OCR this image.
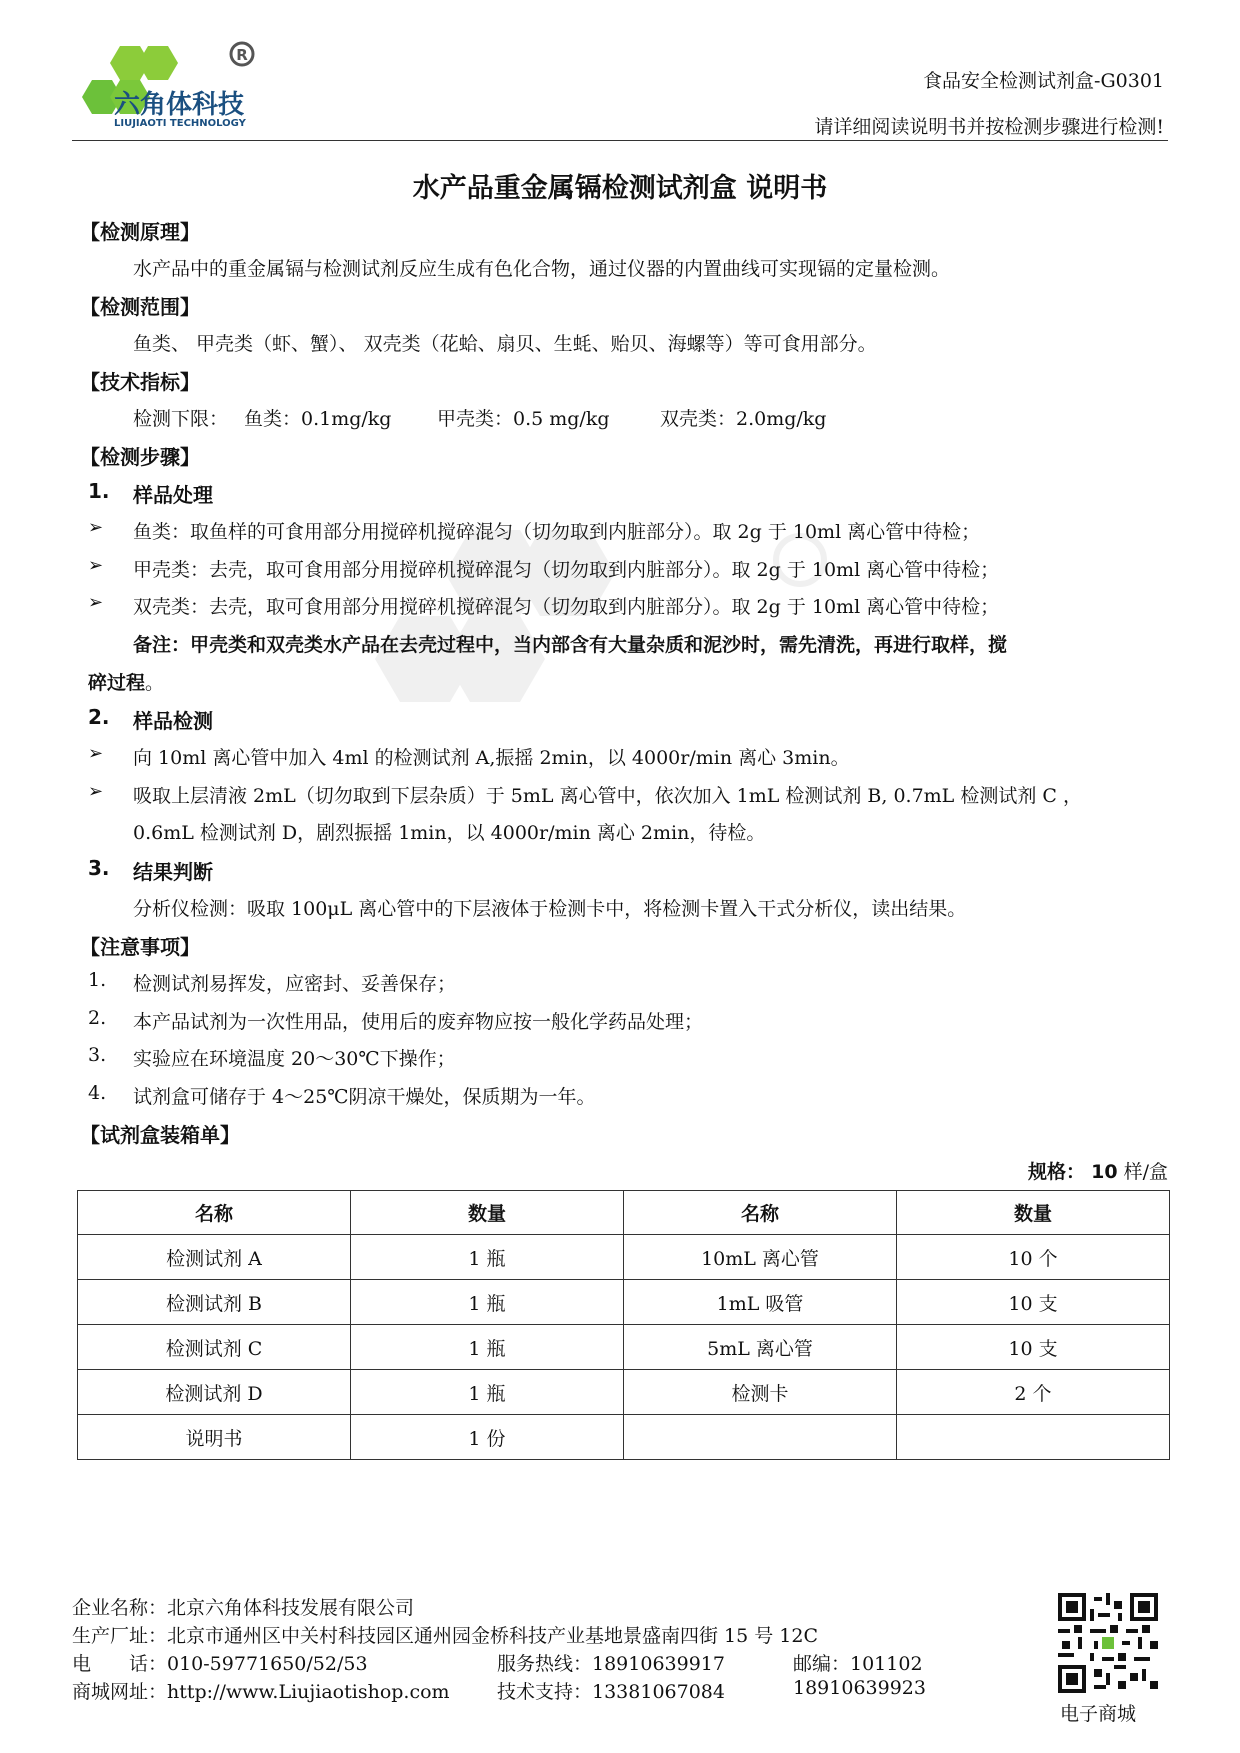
R
六角体科技
LIUJIAOTI TECHNOLOGY
食品安全检测试剂盒-G0301
请详细阅读说明书并按检测步骤进行检测!
水产品重金属镉检测试剂盒 说明书
【检测原理】
水产品中的重金属镉与检测试剂反应生成有色化合物，通过仪器的内置曲线可实现镉的定量检测。
【检测范围】
鱼类、 甲壳类（虾、蟹）、 双壳类（花蛤、扇贝、生蚝、贻贝、海螺等）等可食用部分。
【技术指标】
检测下限： 鱼类：0.1mg/kg 甲壳类：0.5 mg/kg	双壳类：2.0mg/kg
【检测步骤】
1. 样品处理
➢ 鱼类：取鱼样的可食用部分用搅碎机搅碎混匀（切勿取到内脏部分）。取 2g 于 10ml 离心管中待检；
➢ 甲壳类：去壳，取可食用部分用搅碎机搅碎混匀（切勿取到内脏部分）。取 2g 于 10ml 离心管中待检；
➢ 双壳类：去壳，取可食用部分用搅碎机搅碎混匀（切勿取到内脏部分）。取 2g 于 10ml 离心管中待检；
备注：甲壳类和双壳类水产品在去壳过程中，当内部含有大量杂质和泥沙时，需先清洗，再进行取样，搅
碎过程。
2. 样品检测
➢ 向 10ml 离心管中加入 4ml 的检测试剂 A,振摇 2min，以 4000r/min 离心 3min。
➢ 吸取上层清液 2mL（切勿取到下层杂质）于 5mL 离心管中，依次加入 1mL 检测试剂 B, 0.7mL 检测试剂 C ，
0.6mL 检测试剂 D，剧烈振摇 1min，以 4000r/min 离心 2min，待检。
3. 结果判断
分析仪检测：吸取 100μL 离心管中的下层液体于检测卡中，将检测卡置入干式分析仪，读出结果。
【注意事项】
1. 检测试剂易挥发，应密封、妥善保存；
2. 本产品试剂为一次性用品，使用后的废弃物应按一般化学药品处理；
3. 实验应在环境温度 20～30℃下操作；
4. 试剂盒可储存于 4～25℃阴凉干燥处，保质期为一年。
【试剂盒装箱单】
规格： 10 样/盒
名称	数量	名称	数量
检测试剂 A	1 瓶	10mL 离心管	10 个
检测试剂 B	1 瓶	1mL 吸管	10 支
检测试剂 C	1 瓶	5mL 离心管	10 支
检测试剂 D	1 瓶	检测卡	2 个
说明书	1 份		
企业名称：北京六角体科技发展有限公司
生产厂址：北京市通州区中关村科技园区通州园金桥科技产业基地景盛南四街 15 号 12C
电　　话：010-59771650/52/53	服务热线：18910639917	邮编：101102
商城网址：http://www.Liujiaotishop.com 技术支持：13381067084	18910639923
电子商城
